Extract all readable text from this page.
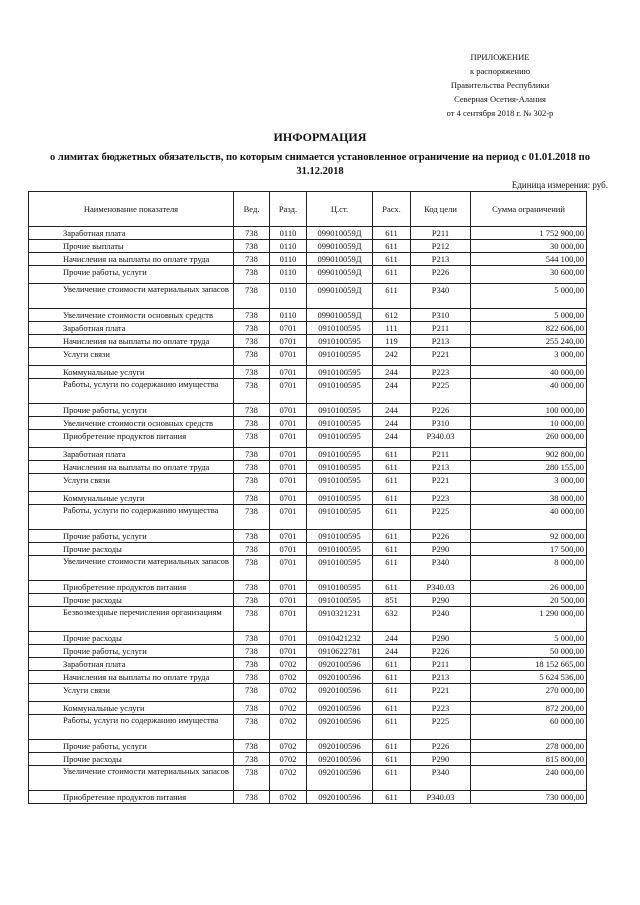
ПРИЛОЖЕНИЕ
к распоряжению
Правительства Республики
Северная Осетия-Алания
от 4 сентября 2018 г. № 302-р
ИНФОРМАЦИЯ
о лимитах бюджетных обязательств, по которым снимается установленное ограничение на период с 01.01.2018 по 31.12.2018
Единица измерения: руб.
Наименование показателя	Вед.	Разд.	Ц.ст.	Расх.	Код цели	Сумма ограничений
Заработная плата	738	0110	099010059Д	611	Р211	1 752 900,00
Прочие выплаты	738	0110	099010059Д	611	Р212	30 000,00
Начисления на выплаты по оплате труда	738	0110	099010059Д	611	Р213	544 100,00
Прочие работы, услуги	738	0110	099010059Д	611	Р226	30 600,00
Увеличение стоимости материальных запасов	738	0110	099010059Д	611	Р340	5 000,00
Увеличение стоимости основных средств	738	0110	099010059Д	612	Р310	5 000,00
Заработная плата	738	0701	0910100595	111	Р211	822 606,00
Начисления на выплаты по оплате труда	738	0701	0910100595	119	Р213	255 240,00
Услуги связи	738	0701	0910100595	242	Р221	3 000,00
Коммунальные услуги	738	0701	0910100595	244	Р223	40 000,00
Работы, услуги по содержанию имущества	738	0701	0910100595	244	Р225	40 000,00
Прочие работы, услуги	738	0701	0910100595	244	Р226	100 000,00
Увеличение стоимости основных средств	738	0701	0910100595	244	Р310	10 000,00
Приобретение продуктов питания	738	0701	0910100595	244	Р340.03	260 000,00
Заработная плата	738	0701	0910100595	611	Р211	902 800,00
Начисления на выплаты по оплате труда	738	0701	0910100595	611	Р213	280 155,00
Услуги связи	738	0701	0910100595	611	Р221	3 000,00
Коммунальные услуги	738	0701	0910100595	611	Р223	38 000,00
Работы, услуги по содержанию имущества	738	0701	0910100595	611	Р225	40 000,00
Прочие работы, услуги	738	0701	0910100595	611	Р226	92 000,00
Прочие расходы	738	0701	0910100595	611	Р290	17 500,00
Увеличение стоимости материальных запасов	738	0701	0910100595	611	Р340	8 000,00
Приобретение продуктов питания	738	0701	0910100595	611	Р340.03	26 000,00
Прочие расходы	738	0701	0910100595	851	Р290	20 500,00
Безвозмездные перечисления организациям	738	0701	0910321231	632	Р240	1 290 000,00
Прочие расходы	738	0701	0910421232	244	Р290	5 000,00
Прочие работы, услуги	738	0701	0910622781	244	Р226	50 000,00
Заработная плата	738	0702	0920100596	611	Р211	18 152 665,00
Начисления на выплаты по оплате труда	738	0702	0920100596	611	Р213	5 624 536,00
Услуги связи	738	0702	0920100596	611	Р221	270 000,00
Коммунальные услуги	738	0702	0920100596	611	Р223	872 200,00
Работы, услуги по содержанию имущества	738	0702	0920100596	611	Р225	60 000,00
Прочие работы, услуги	738	0702	0920100596	611	Р226	278 000,00
Прочие расходы	738	0702	0920100596	611	Р290	815 800,00
Увеличение стоимости материальных запасов	738	0702	0920100596	611	Р340	240 000,00
Приобретение продуктов питания	738	0702	0920100596	611	Р340.03	730 000,00
